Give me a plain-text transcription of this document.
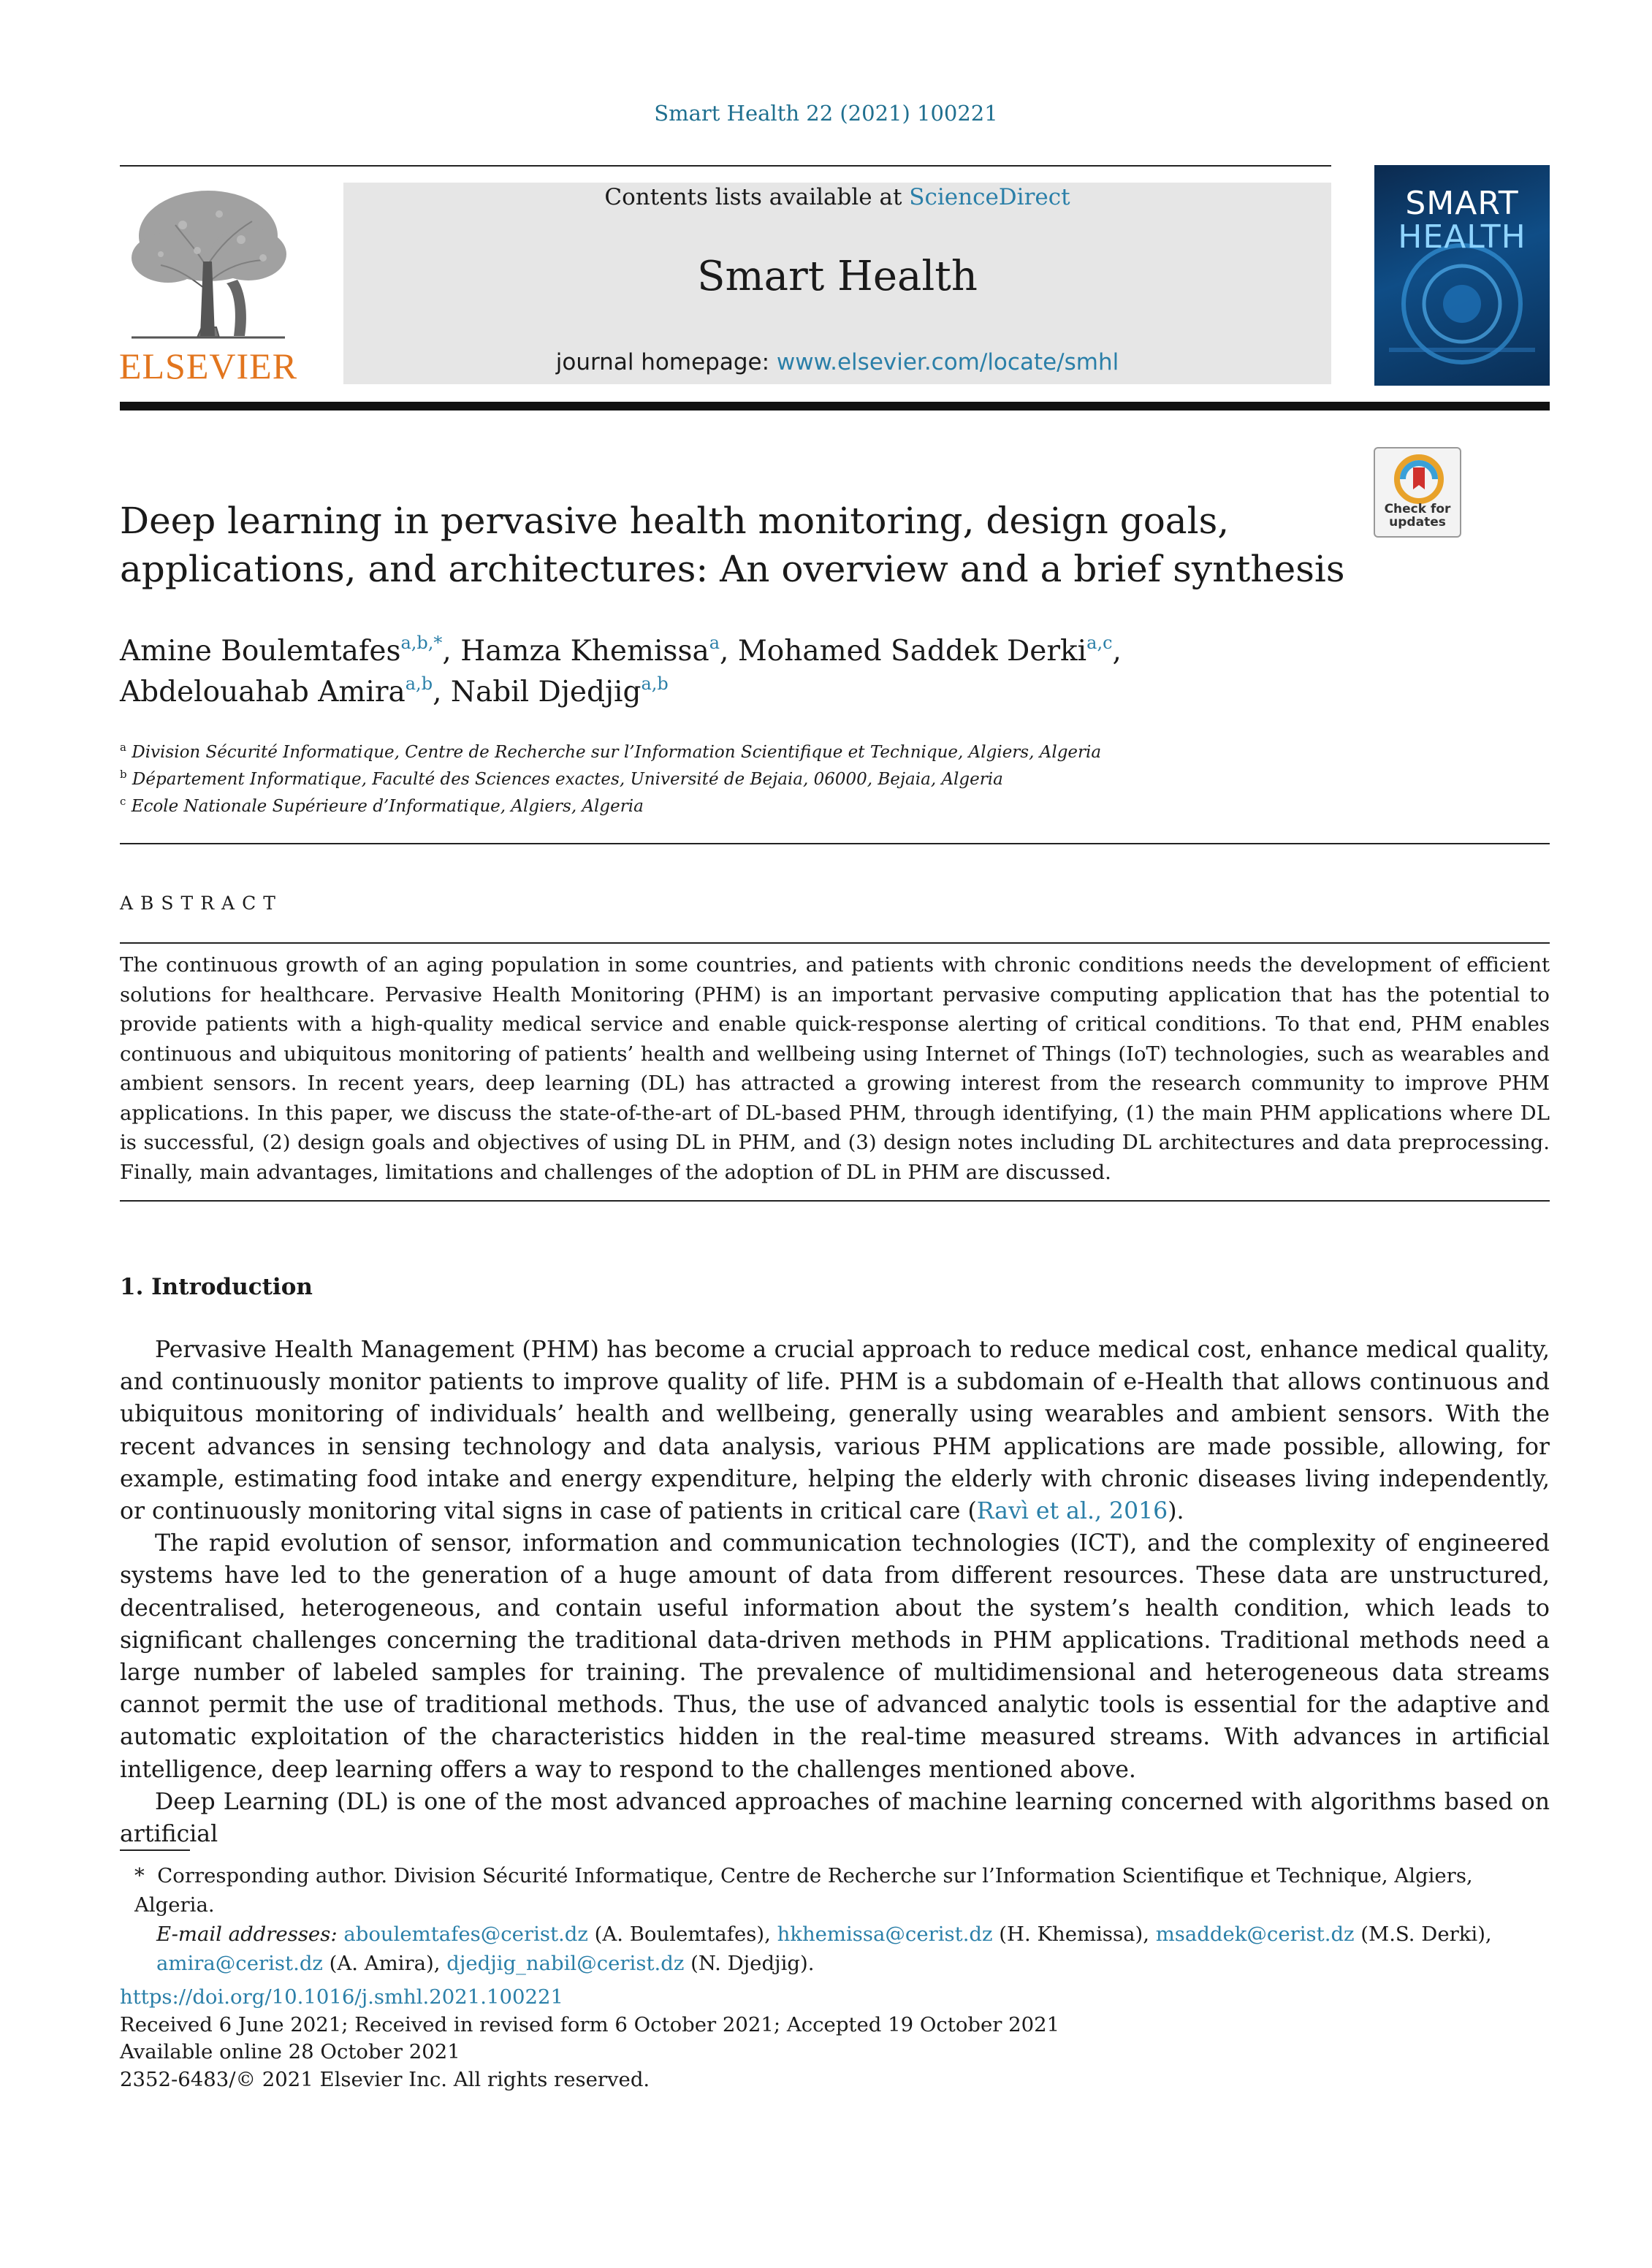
Smart Health 22 (2021) 100221
ELSEVIER
Contents lists available at ScienceDirect
Smart Health
journal homepage: www.elsevier.com/locate/smhl
SMART
HEALTH
Check for
updates
Deep learning in pervasive health monitoring, design goals,
applications, and architectures: An overview and a brief synthesis
Amine Boulemtafes$^{a,b,*}$, Hamza Khemissa$^a$, Mohamed Saddek Derki$^{a,c}$,
Abdelouahab Amira$^{a,b}$, Nabil Djedjig$^{a,b}$
$^a$ Division Sécurité Informatique, Centre de Recherche sur l’Information Scientifique et Technique, Algiers, Algeria
$^b$ Département Informatique, Faculté des Sciences exactes, Université de Bejaia, 06000, Bejaia, Algeria
$^c$ Ecole Nationale Supérieure d’Informatique, Algiers, Algeria
ABSTRACT
The continuous growth of an aging population in some countries, and patients with chronic conditions needs the development of efficient solutions for healthcare. Pervasive Health Monitoring (PHM) is an important pervasive computing application that has the potential to provide patients with a high-quality medical service and enable quick-response alerting of critical conditions. To that end, PHM enables continuous and ubiquitous monitoring of patients’ health and wellbeing using Internet of Things (IoT) technologies, such as wearables and ambient sensors. In recent years, deep learning (DL) has attracted a growing interest from the research community to improve PHM applications. In this paper, we discuss the state-of-the-art of DL-based PHM, through identifying, (1) the main PHM applications where DL is successful, (2) design goals and objectives of using DL in PHM, and (3) design notes including DL architectures and data preprocessing. Finally, main advantages, limitations and challenges of the adoption of DL in PHM are discussed.
1. Introduction

Pervasive Health Management (PHM) has become a crucial approach to reduce medical cost, enhance medical quality, and continuously monitor patients to improve quality of life. PHM is a subdomain of e-Health that allows continuous and ubiquitous monitoring of individuals’ health and wellbeing, generally using wearables and ambient sensors. With the recent advances in sensing technology and data analysis, various PHM applications are made possible, allowing, for example, estimating food intake and energy expenditure, helping the elderly with chronic diseases living independently, or continuously monitoring vital signs in case of patients in critical care (Ravì et al., 2016).

The rapid evolution of sensor, information and communication technologies (ICT), and the complexity of engineered systems have led to the generation of a huge amount of data from different resources. These data are unstructured, decentralised, heterogeneous, and contain useful information about the system’s health condition, which leads to significant challenges concerning the traditional data-driven methods in PHM applications. Traditional methods need a large number of labeled samples for training. The prevalence of multidimensional and heterogeneous data streams cannot permit the use of traditional methods. Thus, the use of advanced analytic tools is essential for the adaptive and automatic exploitation of the characteristics hidden in the real-time measured streams. With advances in artificial intelligence, deep learning offers a way to respond to the challenges mentioned above.

Deep Learning (DL) is one of the most advanced approaches of machine learning concerned with algorithms based on artificial

* Corresponding author. Division Sécurité Informatique, Centre de Recherche sur l’Information Scientifique et Technique, Algiers, Algeria.
E-mail addresses: aboulemtafes@cerist.dz (A. Boulemtafes), hkhemissa@cerist.dz (H. Khemissa), msaddek@cerist.dz (M.S. Derki), amira@cerist.dz (A. Amira), djedjig_nabil@cerist.dz (N. Djedjig).
https://doi.org/10.1016/j.smhl.2021.100221
Received 6 June 2021; Received in revised form 6 October 2021; Accepted 19 October 2021
Available online 28 October 2021
2352-6483/© 2021 Elsevier Inc. All rights reserved.
